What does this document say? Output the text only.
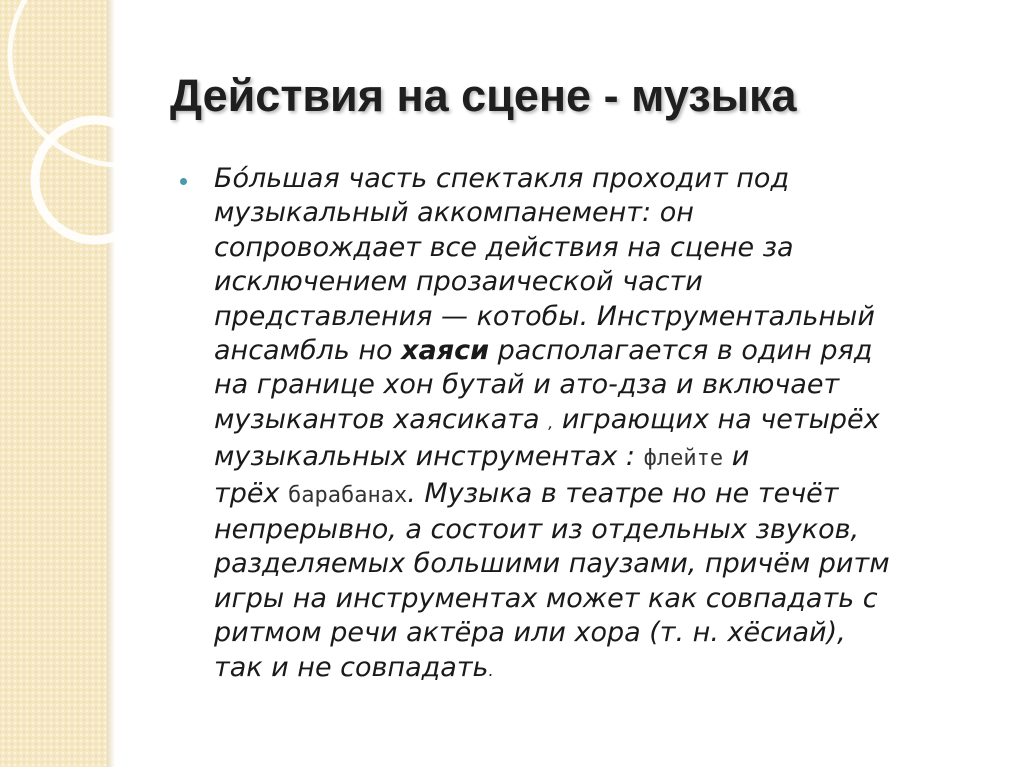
Действия на сцене - музыка
Бóльшая часть спектакля проходит под
музыкальный аккомпанемент: он
сопровождает все действия на сцене за
исключением прозаической части
представления — котобы. Инструментальный
ансамбль но хаяси располагается в один ряд
на границе хон бутай и ато-дза и включает
музыкантов хаясиката , играющих на четырёх
музыкальных инструментах : флейте и
трёх барабанах. Музыка в театре но не течёт
непрерывно, а состоит из отдельных звуков,
разделяемых большими паузами, причём ритм
игры на инструментах может как совпадать с
ритмом речи актёра или хора (т. н. хёсиай),
так и не совпадать.
